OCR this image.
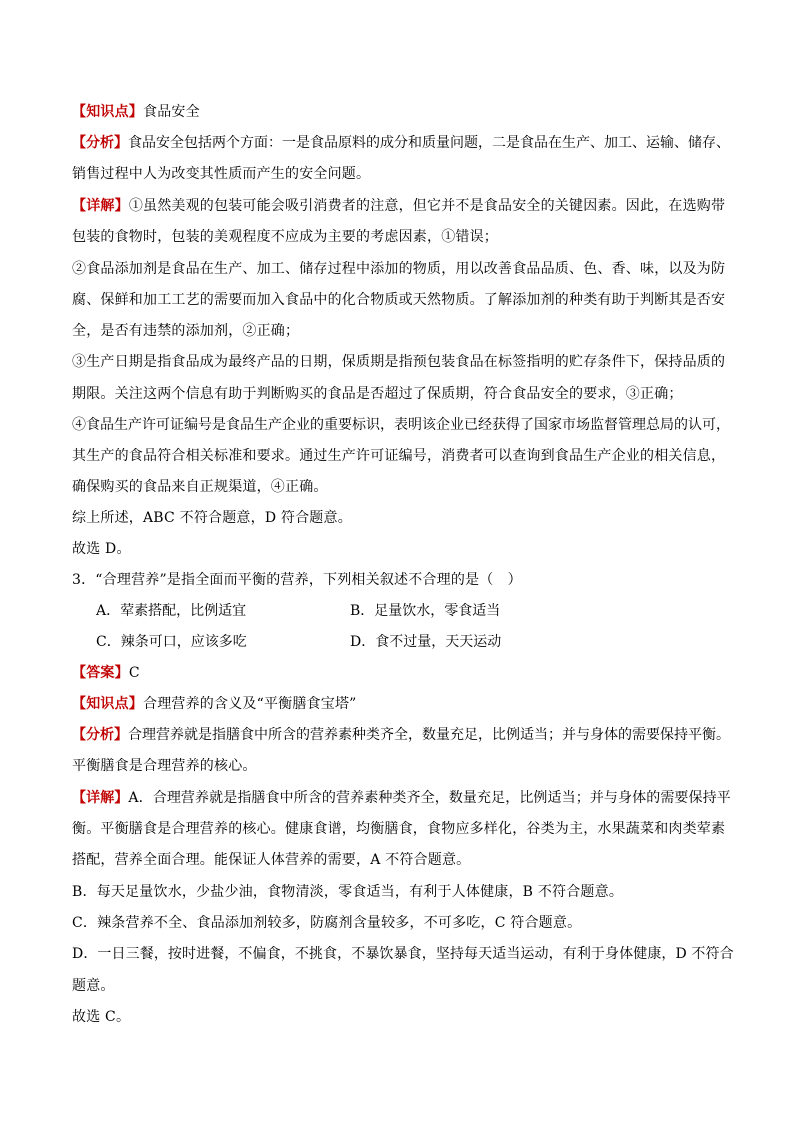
【知识点】食品安全
【分析】食品安全包括两个方面：一是食品原料的成分和质量问题，二是食品在生产、加工、运输、储存、
销售过程中人为改变其性质而产生的安全问题。
【详解】①虽然美观的包装可能会吸引消费者的注意，但它并不是食品安全的关键因素。因此，在选购带
包装的食物时，包装的美观程度不应成为主要的考虑因素，①错误；
②食品添加剂是食品在生产、加工、储存过程中添加的物质，用以改善食品品质、色、香、味，以及为防
腐、保鲜和加工工艺的需要而加入食品中的化合物质或天然物质。了解添加剂的种类有助于判断其是否安
全，是否有违禁的添加剂，②正确；
③生产日期是指食品成为最终产品的日期，保质期是指预包装食品在标签指明的贮存条件下，保持品质的
期限。关注这两个信息有助于判断购买的食品是否超过了保质期，符合食品安全的要求，③正确；
④食品生产许可证编号是食品生产企业的重要标识，表明该企业已经获得了国家市场监督管理总局的认可，
其生产的食品符合相关标准和要求。通过生产许可证编号，消费者可以查询到食品生产企业的相关信息，
确保购买的食品来自正规渠道，④正确。
综上所述，ABC 不符合题意，D 符合题意。
故选 D。
3．“合理营养”是指全面而平衡的营养，下列相关叙述不合理的是（　）
A．荤素搭配，比例适宜	B．足量饮水，零食适当
C．辣条可口，应该多吃	D．食不过量，天天运动
【答案】C
【知识点】合理营养的含义及“平衡膳食宝塔”
【分析】合理营养就是指膳食中所含的营养素种类齐全，数量充足，比例适当；并与身体的需要保持平衡。
平衡膳食是合理营养的核心。
【详解】A．合理营养就是指膳食中所含的营养素种类齐全，数量充足，比例适当；并与身体的需要保持平
衡。平衡膳食是合理营养的核心。健康食谱，均衡膳食，食物应多样化，谷类为主，水果蔬菜和肉类荤素
搭配，营养全面合理。能保证人体营养的需要，A 不符合题意。
B．每天足量饮水，少盐少油，食物清淡，零食适当，有利于人体健康，B 不符合题意。
C．辣条营养不全、食品添加剂较多，防腐剂含量较多，不可多吃，C 符合题意。
D．一日三餐，按时进餐，不偏食，不挑食，不暴饮暴食，坚持每天适当运动，有利于身体健康，D 不符合
题意。
故选 C。
